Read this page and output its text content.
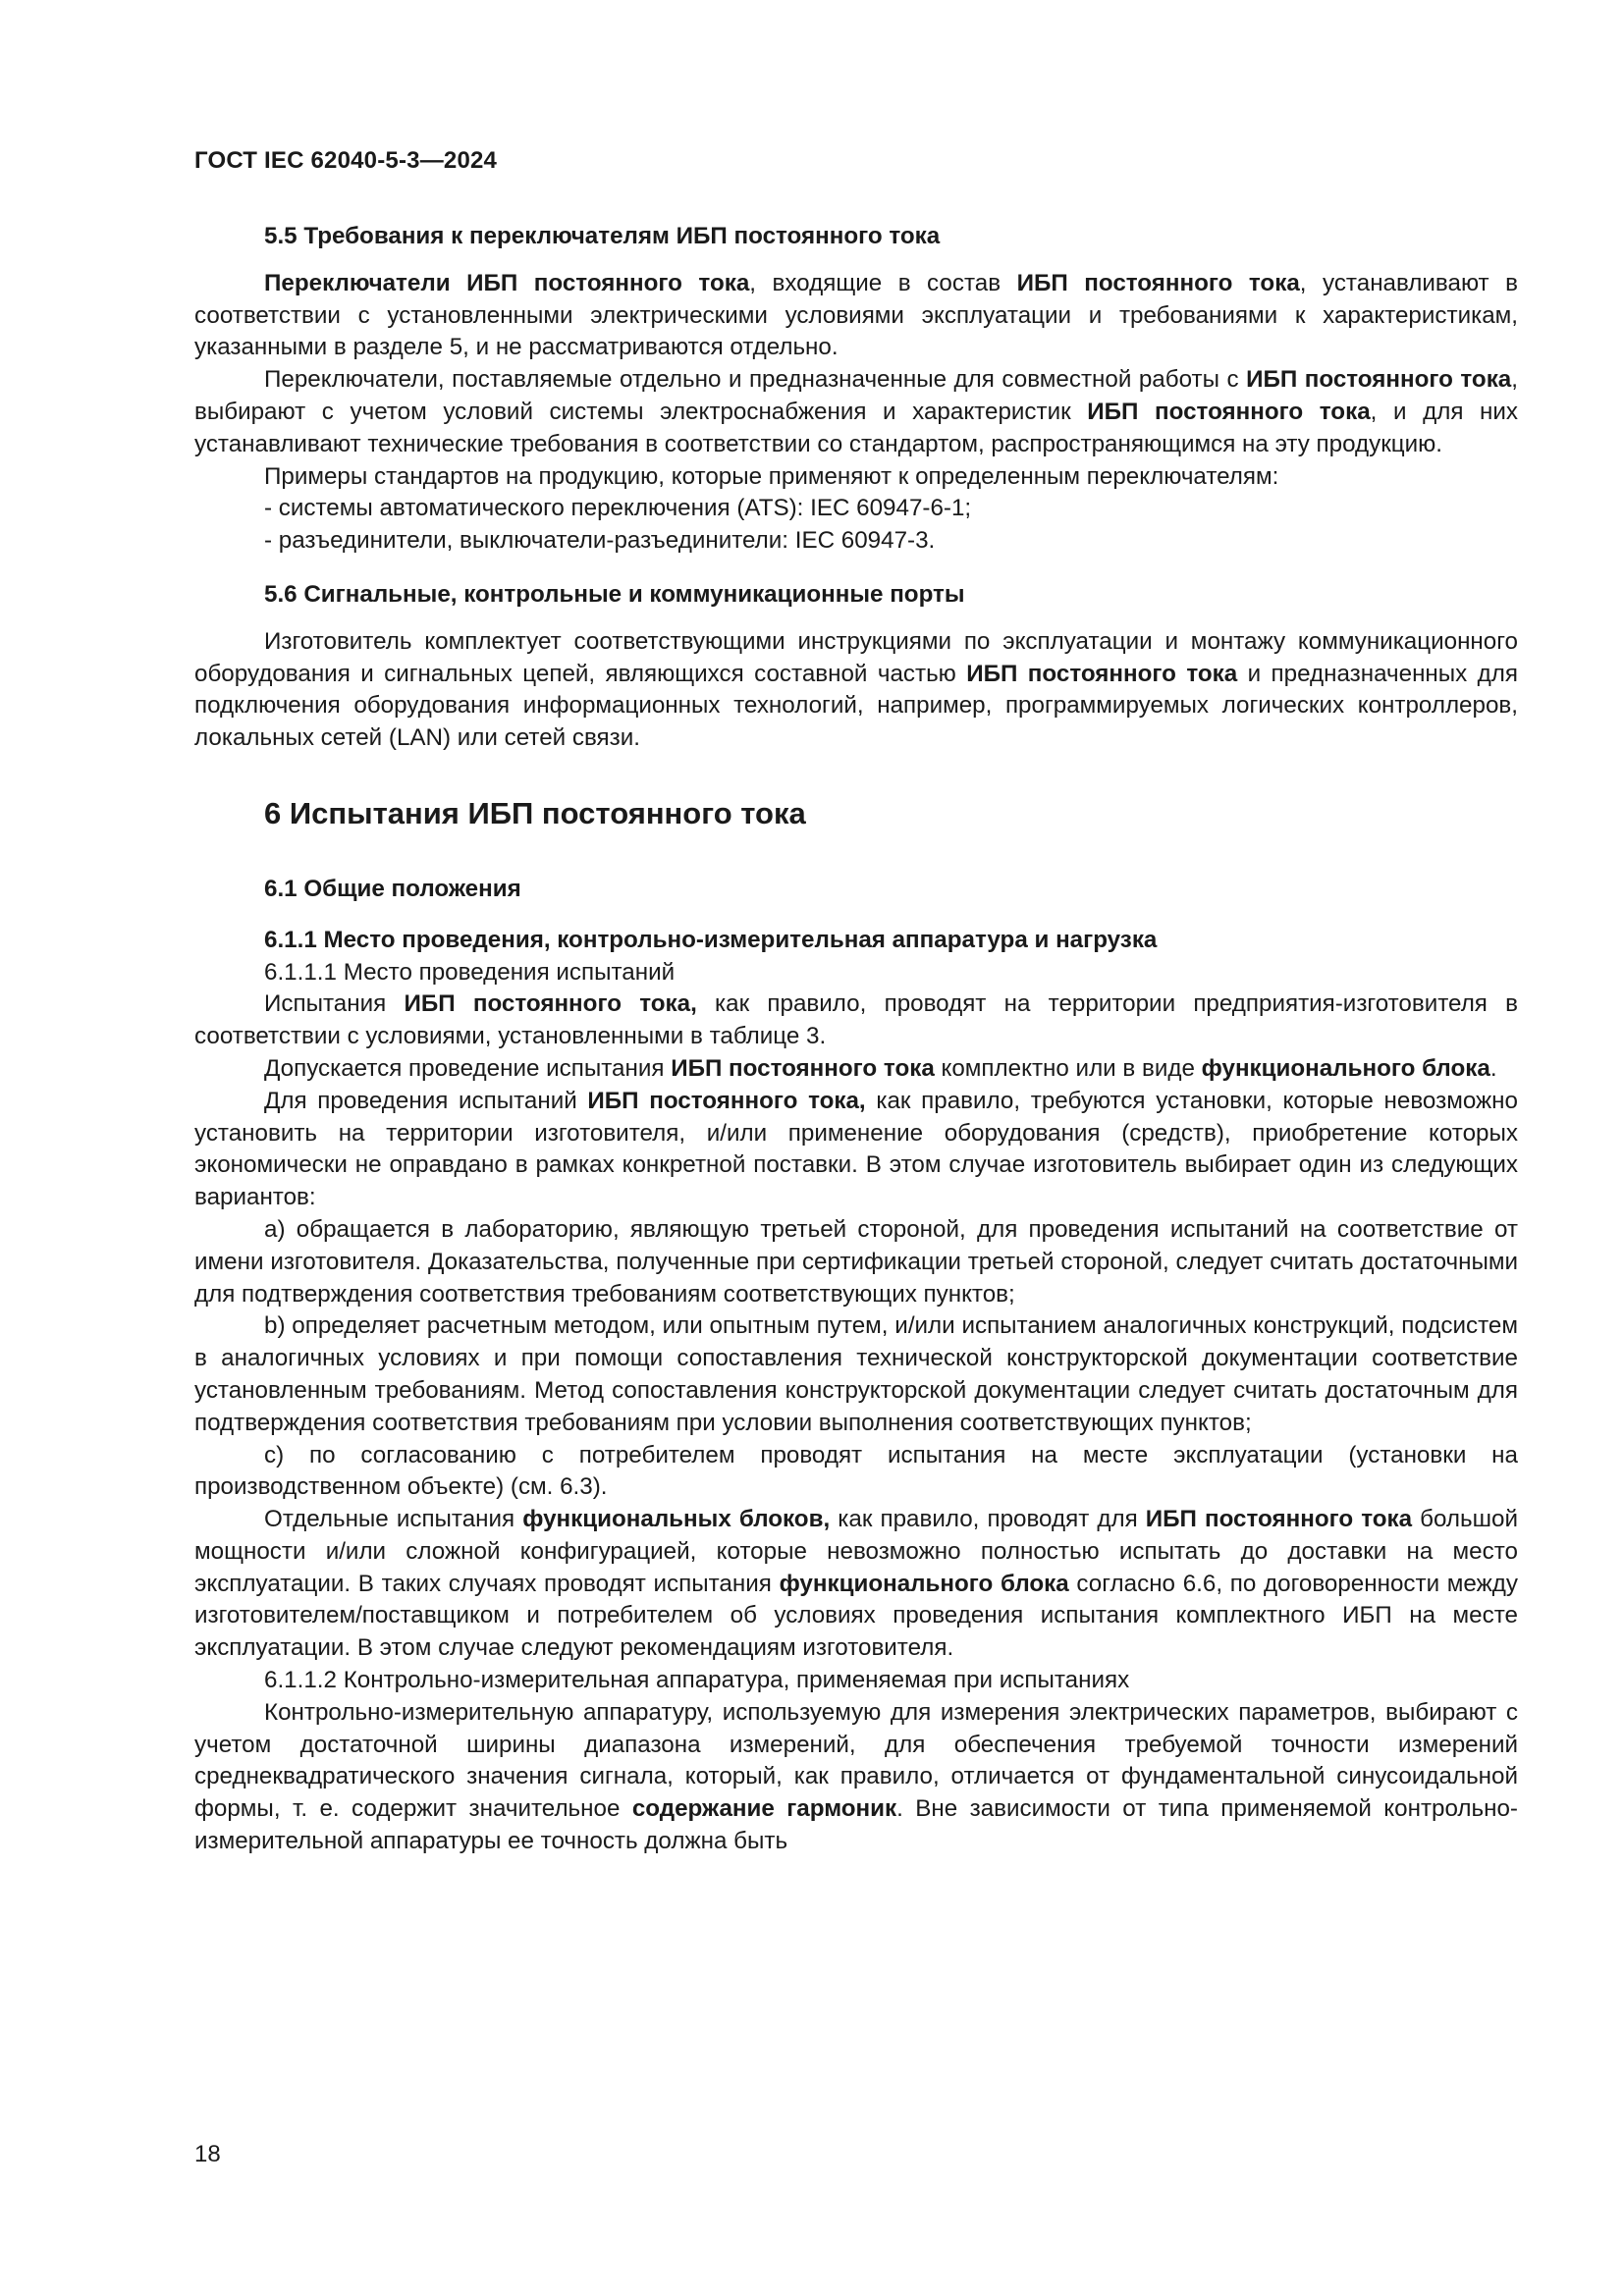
ГОСТ IEC 62040-5-3—2024
5.5 Требования к переключателям ИБП постоянного тока

Переключатели ИБП постоянного тока, входящие в состав ИБП постоянного тока, устанавливают в соответствии с установленными электрическими условиями эксплуатации и требованиями к характеристикам, указанными в разделе 5, и не рассматриваются отдельно.

Переключатели, поставляемые отдельно и предназначенные для совместной работы с ИБП постоянного тока, выбирают с учетом условий системы электроснабжения и характеристик ИБП постоянного тока, и для них устанавливают технические требования в соответствии со стандартом, распространяющимся на эту продукцию.

Примеры стандартов на продукцию, которые применяют к определенным переключателям:

- системы автоматического переключения (ATS): IEC 60947-6-1;

- разъединители, выключатели-разъединители: IEC 60947-3.

5.6 Сигнальные, контрольные и коммуникационные порты

Изготовитель комплектует соответствующими инструкциями по эксплуатации и монтажу коммуникационного оборудования и сигнальных цепей, являющихся составной частью ИБП постоянного тока и предназначенных для подключения оборудования информационных технологий, например, программируемых логических контроллеров, локальных сетей (LAN) или сетей связи.

6 Испытания ИБП постоянного тока
6.1 Общие положения
6.1.1 Место проведения, контрольно-измерительная аппаратура и нагрузка
6.1.1.1 Место проведения испытаний

Испытания ИБП постоянного тока, как правило, проводят на территории предприятия-изготовителя в соответствии с условиями, установленными в таблице 3.

Допускается проведение испытания ИБП постоянного тока комплектно или в виде функционального блока.

Для проведения испытаний ИБП постоянного тока, как правило, требуются установки, которые невозможно установить на территории изготовителя, и/или применение оборудования (средств), приобретение которых экономически не оправдано в рамках конкретной поставки. В этом случае изготовитель выбирает один из следующих вариантов:

a) обращается в лабораторию, являющую третьей стороной, для проведения испытаний на соответствие от имени изготовителя. Доказательства, полученные при сертификации третьей стороной, следует считать достаточными для подтверждения соответствия требованиям соответствующих пунктов;

b) определяет расчетным методом, или опытным путем, и/или испытанием аналогичных конструкций, подсистем в аналогичных условиях и при помощи сопоставления технической конструкторской документации соответствие установленным требованиям. Метод сопоставления конструкторской документации следует считать достаточным для подтверждения соответствия требованиям при условии выполнения соответствующих пунктов;

c) по согласованию с потребителем проводят испытания на месте эксплуатации (установки на производственном объекте) (см. 6.3).

Отдельные испытания функциональных блоков, как правило, проводят для ИБП постоянного тока большой мощности и/или сложной конфигурацией, которые невозможно полностью испытать до доставки на место эксплуатации. В таких случаях проводят испытания функционального блока согласно 6.6, по договоренности между изготовителем/поставщиком и потребителем об условиях проведения испытания комплектного ИБП на месте эксплуатации. В этом случае следуют рекомендациям изготовителя.

6.1.1.2 Контрольно-измерительная аппаратура, применяемая при испытаниях

Контрольно-измерительную аппаратуру, используемую для измерения электрических параметров, выбирают с учетом достаточной ширины диапазона измерений, для обеспечения требуемой точности измерений среднеквадратического значения сигнала, который, как правило, отличается от фундаментальной синусоидальной формы, т. е. содержит значительное содержание гармоник. Вне зависимости от типа применяемой контрольно-измерительной аппаратуры ее точность должна быть

18
